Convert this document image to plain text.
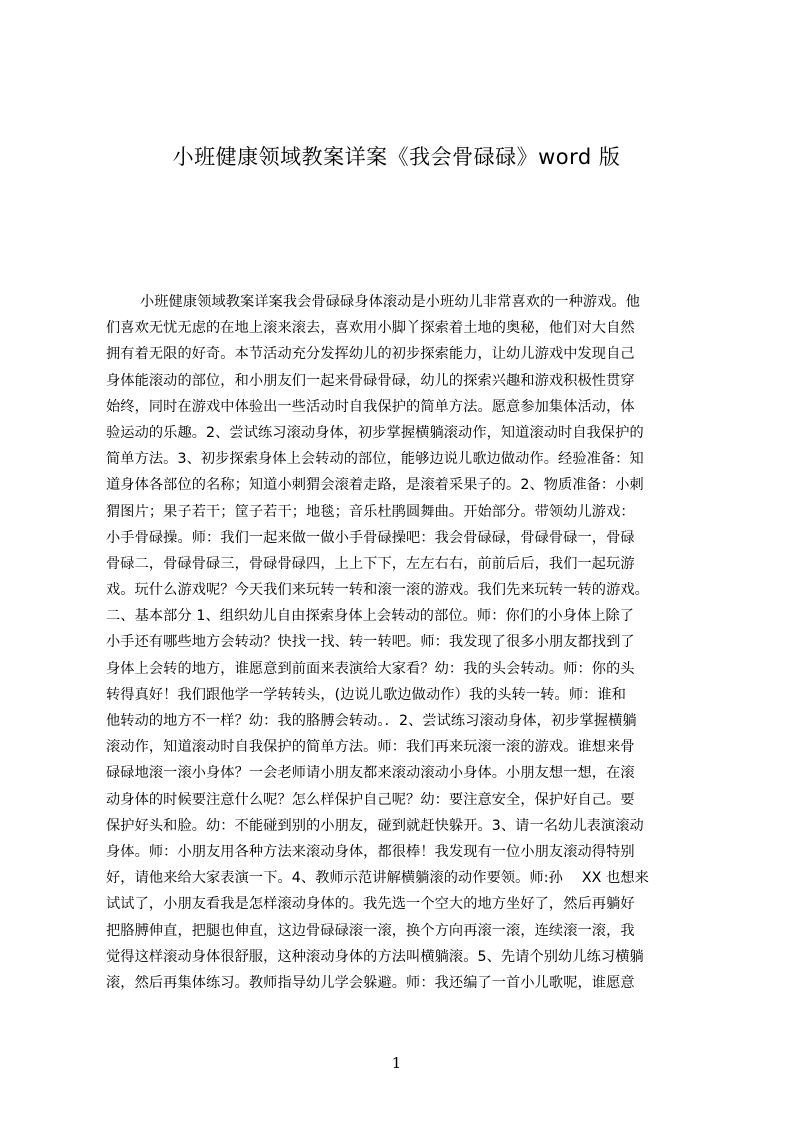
小班健康领域教案详案《我会骨碌碌》word 版
小班健康领域教案详案我会骨碌碌身体滚动是小班幼儿非常喜欢的一种游戏。他
们喜欢无忧无虑的在地上滚来滚去，喜欢用小脚丫探索着土地的奥秘，他们对大自然
拥有着无限的好奇。本节活动充分发挥幼儿的初步探索能力，让幼儿游戏中发现自己
身体能滚动的部位，和小朋友们一起来骨碌骨碌，幼儿的探索兴趣和游戏积极性贯穿
始终，同时在游戏中体验出一些活动时自我保护的简单方法。愿意参加集体活动，体
验运动的乐趣。2、尝试练习滚动身体，初步掌握横躺滚动作，知道滚动时自我保护的
简单方法。3、初步探索身体上会转动的部位，能够边说儿歌边做动作。经验准备：知
道身体各部位的名称；知道小刺猬会滚着走路，是滚着采果子的。2、物质准备：小刺
猬图片；果子若干；筐子若干；地毯；音乐杜鹃圆舞曲。开始部分。带领幼儿游戏：
小手骨碌操。师：我们一起来做一做小手骨碌操吧：我会骨碌碌，骨碌骨碌一，骨碌
骨碌二，骨碌骨碌三，骨碌骨碌四，上上下下，左左右右，前前后后，我们一起玩游
戏。玩什么游戏呢？今天我们来玩转一转和滚一滚的游戏。我们先来玩转一转的游戏。
二、基本部分 1、组织幼儿自由探索身体上会转动的部位。师：你们的小身体上除了
小手还有哪些地方会转动？快找一找、转一转吧。师：我发现了很多小朋友都找到了
身体上会转的地方，谁愿意到前面来表演给大家看？幼：我的头会转动。师：你的头
转得真好！我们跟他学一学转转头，(边说儿歌边做动作）我的头转一转。师：谁和
他转动的地方不一样？幼：我的胳膊会转动。．2、尝试练习滚动身体，初步掌握横躺
滚动作，知道滚动时自我保护的简单方法。师：我们再来玩滚一滚的游戏。谁想来骨
碌碌地滚一滚小身体？一会老师请小朋友都来滚动滚动小身体。小朋友想一想，在滚
动身体的时候要注意什么呢？怎么样保护自己呢？幼：要注意安全，保护好自己。要
保护好头和脸。幼：不能碰到别的小朋友，碰到就赶快躲开。3、请一名幼儿表演滚动
身体。师：小朋友用各种方法来滚动身体，都很棒！我发现有一位小朋友滚动得特别
好，请他来给大家表演一下。4、教师示范讲解横躺滚的动作要领。师:孙　 XX 也想来
试试了，小朋友看我是怎样滚动身体的。我先选一个空大的地方坐好了，然后再躺好
把胳膊伸直，把腿也伸直，这边骨碌碌滚一滚，换个方向再滚一滚，连续滚一滚，我
觉得这样滚动身体很舒服，这种滚动身体的方法叫横躺滚。5、先请个别幼儿练习横躺
滚，然后再集体练习。教师指导幼儿学会躲避。师：我还编了一首小儿歌呢，谁愿意
1
